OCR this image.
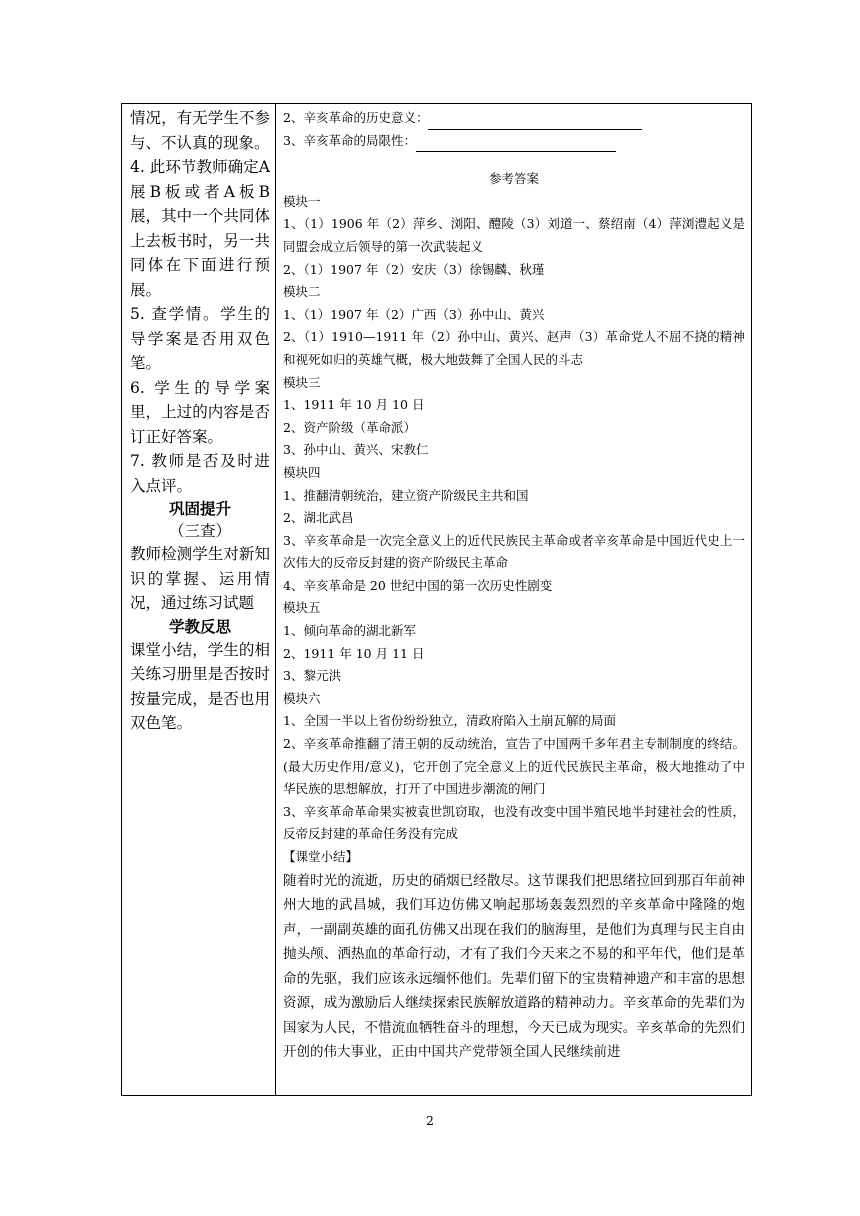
情况，有无学生不参与、不认真的现象。

4. 此环节教师确定A展B板或者A板B展，其中一个共同体上去板书时，另一共同体在下面进行预展。

5. 查学情。学生的导学案是否用双色笔。

6. 学生的导学案里，上过的内容是否订正好答案。

7. 教师是否及时进入点评。

巩固提升

（三查）

教师检测学生对新知识的掌握、运用情况，通过练习试题

学教反思

课堂小结，学生的相关练习册里是否按时按量完成，是否也用双色笔。

2、辛亥革命的历史意义：

3、辛亥革命的局限性：

参考答案

模块一

1、（1）1906 年（2）萍乡、浏阳、醴陵（3）刘道一、蔡绍南（4）萍浏澧起义是同盟会成立后领导的第一次武装起义

2、（1）1907 年（2）安庆（3）徐锡麟、秋瑾

模块二

1、（1）1907 年（2）广西（3）孙中山、黄兴

2、（1）1910—1911 年（2）孙中山、黄兴、赵声（3）革命党人不屈不挠的精神和视死如归的英雄气概，极大地鼓舞了全国人民的斗志

模块三

1、1911 年 10 月 10 日

2、资产阶级（革命派）

3、孙中山、黄兴、宋教仁

模块四

1、推翻清朝统治，建立资产阶级民主共和国

2、湖北武昌

3、辛亥革命是一次完全意义上的近代民族民主革命或者辛亥革命是中国近代史上一次伟大的反帝反封建的资产阶级民主革命

4、辛亥革命是 20 世纪中国的第一次历史性剧变

模块五

1、倾向革命的湖北新军

2、1911 年 10 月 11 日

3、黎元洪

模块六

1、全国一半以上省份纷纷独立，清政府陷入土崩瓦解的局面

2、辛亥革命推翻了清王朝的反动统治，宣告了中国两千多年君主专制制度的终结。(最大历史作用/意义)，它开创了完全意义上的近代民族民主革命，极大地推动了中华民族的思想解放，打开了中国进步潮流的闸门

3、辛亥革命革命果实被袁世凯窃取，也没有改变中国半殖民地半封建社会的性质，反帝反封建的革命任务没有完成

【课堂小结】

随着时光的流逝，历史的硝烟已经散尽。这节课我们把思绪拉回到那百年前神州大地的武昌城，我们耳边仿佛又响起那场轰轰烈烈的辛亥革命中隆隆的炮声，一副副英雄的面孔仿佛又出现在我们的脑海里，是他们为真理与民主自由抛头颅、洒热血的革命行动，才有了我们今天来之不易的和平年代，他们是革命的先驱，我们应该永远缅怀他们。先辈们留下的宝贵精神遗产和丰富的思想资源，成为激励后人继续探索民族解放道路的精神动力。辛亥革命的先辈们为国家为人民，不惜流血牺牲奋斗的理想，今天已成为现实。辛亥革命的先烈们开创的伟大事业，正由中国共产党带领全国人民继续前进

2
